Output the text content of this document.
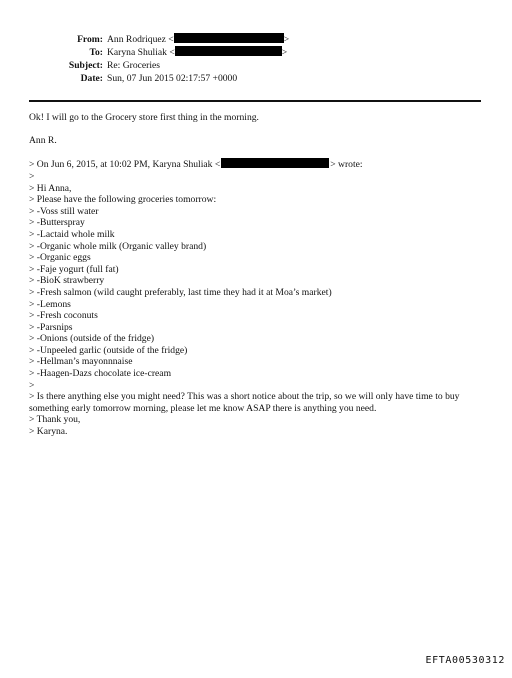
From: Ann Rodriquez <	>
To: Karyna Shuliak <	>
Subject: Re: Groceries
Date: Sun, 07 Jun 2015 02:17:57 +0000

Ok! I will go to the Grocery store first thing in the morning.

Ann R.

> On Jun 6, 2015, at 10:02 PM, Karyna Shuliak <	> wrote:

>

> Hi Anna,

> Please have the following groceries tomorrow:

> -Voss still water

> -Butterspray

> -Lactaid whole milk

> -Organic whole milk (Organic valley brand)

> -Organic eggs

> -Faje yogurt (full fat)

> -BioK strawberry

> -Fresh salmon (wild caught preferably, last time they had it at Moa’s market)

> -Lemons

> -Fresh coconuts

> -Parsnips

> -Onions (outside of the fridge)

> -Unpeeled garlic (outside of the fridge)

> -Hellman’s mayonnnaise

> -Haagen-Dazs chocolate ice-cream

>

> Is there anything else you might need? This was a short notice about the trip, so we will only have time to buy something early tomorrow morning, please let me know ASAP there is anything you need.

> Thank you,

> Karyna.

EFTA00530312
